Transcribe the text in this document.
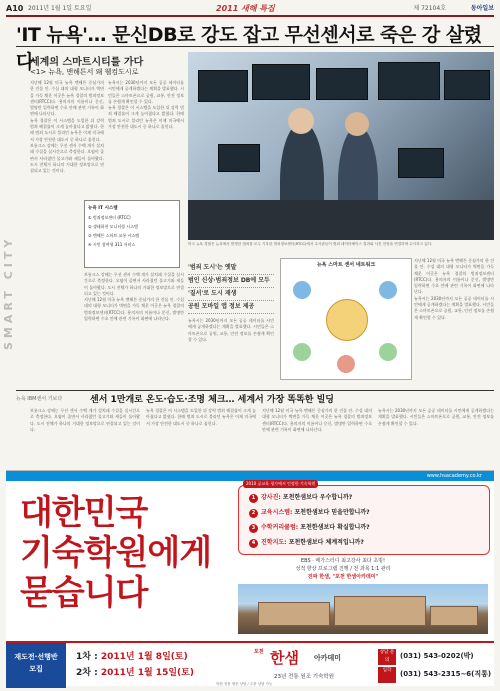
A10 2011년 1월 1일 토요일	2011 새해 특집	제 72104호	동아일보
'IT 뉴욕'… 문신DB로 강도 잡고 무선센서로 죽은 강 살렸다
SMART CITY
세계의 스마트시티를 가다
<1> 뉴욕, 맨해튼서 왜 웰컴도시로

지난해 12월 미국 뉴욕 맨해튼 중심가의 한 건물 안. 수십 대의 대형 모니터가 벽면을 가득 채운 이곳은 뉴욕 경찰의 범죄정보센터(RTCC)다. 용의자의 이름이나 문신, 별명만 입력하면 수초 안에 관련 기록이 화면에 나타난다.

뉴욕 경찰은 이 시스템을 도입한 뒤 강력 범죄 해결률이 크게 높아졌다고 밝혔다. 한때 범죄 도시로 불리던 뉴욕은 이제 미국에서 가장 안전한 대도시 중 하나로 꼽힌다.

브롱크스 강에는 무선 센서 수백 개가 설치돼 수질을 실시간으로 측정한다. 오염이 줄면서 사라졌던 물고기와 새들이 돌아왔다. 도시 전체가 하나의 거대한 정보망으로 연결되고 있는 것이다.

뉴욕시는 2030년까지 모든 공공 데이터를 시민에게 공개하겠다는 계획을 발표했다. 시민들은 스마트폰으로 공원, 교통, 안전 정보를 손쉽게 확인할 수 있다.

뉴욕 경찰은 이 시스템을 도입한 뒤 강력 범죄 해결률이 크게 높아졌다고 밝혔다. 한때 범죄 도시로 불리던 뉴욕은 이제 미국에서 가장 안전한 대도시 중 하나로 꼽힌다.

뉴욕 IT 시스템
① 범죄정보센터 (RTCC)
② 생태하천 모니터링 시스템
③ 맨해튼 스마트 교통 시스템
④ 시민 참여형 311 서비스

브롱크스 강에는 무선 센서 수백 개가 설치돼 수질을 실시간으로 측정한다. 오염이 줄면서 사라졌던 물고기와 새들이 돌아왔다. 도시 전체가 하나의 거대한 정보망으로 연결되고 있는 것이다.

지난해 12월 미국 뉴욕 맨해튼 중심가의 한 건물 안. 수십 대의 대형 모니터가 벽면을 가득 채운 이곳은 뉴욕 경찰의 범죄정보센터(RTCC)다. 용의자의 이름이나 문신, 별명만 입력하면 수초 안에 관련 기록이 화면에 나타난다.

미국 뉴욕 경찰은 뉴욕에서 발생한 범죄를 모두 기록한 범죄정보센터(RTCC)에서 수사관들이 범죄 데이터베이스 결과와 사건 현장을 연결하며 수사하고 있다.
'범죄 도시'는 옛말
범인 신상·범죄정보 DB에 모두
'질서'로 도시 재생
공원 모바일 앱 정보 제공

뉴욕시는 2030년까지 모든 공공 데이터를 시민에게 공개하겠다는 계획을 발표했다. 시민들은 스마트폰으로 공원, 교통, 안전 정보를 손쉽게 확인할 수 있다.

뉴욕 스마트 센서 네트워크

지난해 12월 미국 뉴욕 맨해튼 중심가의 한 건물 안. 수십 대의 대형 모니터가 벽면을 가득 채운 이곳은 뉴욕 경찰의 범죄정보센터(RTCC)다. 용의자의 이름이나 문신, 별명만 입력하면 수초 안에 관련 기록이 화면에 나타난다.

뉴욕시는 2030년까지 모든 공공 데이터를 시민에게 공개하겠다는 계획을 발표했다. 시민들은 스마트폰으로 공원, 교통, 안전 정보를 손쉽게 확인할 수 있다.

뉴욕 IBM센서 기보다	센서 1만개로 온도·습도·조명 체크… 세계서 가장 똑똑한 빌딩

브롱크스 강에는 무선 센서 수백 개가 설치돼 수질을 실시간으로 측정한다. 오염이 줄면서 사라졌던 물고기와 새들이 돌아왔다. 도시 전체가 하나의 거대한 정보망으로 연결되고 있는 것이다.

뉴욕 경찰은 이 시스템을 도입한 뒤 강력 범죄 해결률이 크게 높아졌다고 밝혔다. 한때 범죄 도시로 불리던 뉴욕은 이제 미국에서 가장 안전한 대도시 중 하나로 꼽힌다.

지난해 12월 미국 뉴욕 맨해튼 중심가의 한 건물 안. 수십 대의 대형 모니터가 벽면을 가득 채운 이곳은 뉴욕 경찰의 범죄정보센터(RTCC)다. 용의자의 이름이나 문신, 별명만 입력하면 수초 안에 관련 기록이 화면에 나타난다.

뉴욕시는 2030년까지 모든 공공 데이터를 시민에게 공개하겠다는 계획을 발표했다. 시민들은 스마트폰으로 공원, 교통, 안전 정보를 손쉽게 확인할 수 있다.

www.hsacademy.co.kr
대한민국
기숙학원에게
묻습니다
2010 공교육 평가에서 인정한 기숙학원
1 강사진: 포천한샘보다 우수합니까?
2 교육시스템: 포천한샘보다 믿을만합니까?
3 수학커리큘럼: 포천한샘보다 확실합니까?
4 진학지도: 포천한샘보다 체계적입니까?
EBS · 메가스터디 최고강사 최다 초빙!
성적 향상 프로그램 진행 / 전 과목 1:1 관리
진짜 한샘, "포천 한샘아카데미"
재도전·선행반
모집
1차 : 2011년 1월 8일(토)
2차 : 2011년 1월 15일(토)
포천 한샘 아카데미
23년 전통 원조 기숙학원
상담 문의
(031) 543-0202(박)
입학	(031) 543-2315~6(직통)
학원 전용 방문 상담 / 주중 상담 가능
